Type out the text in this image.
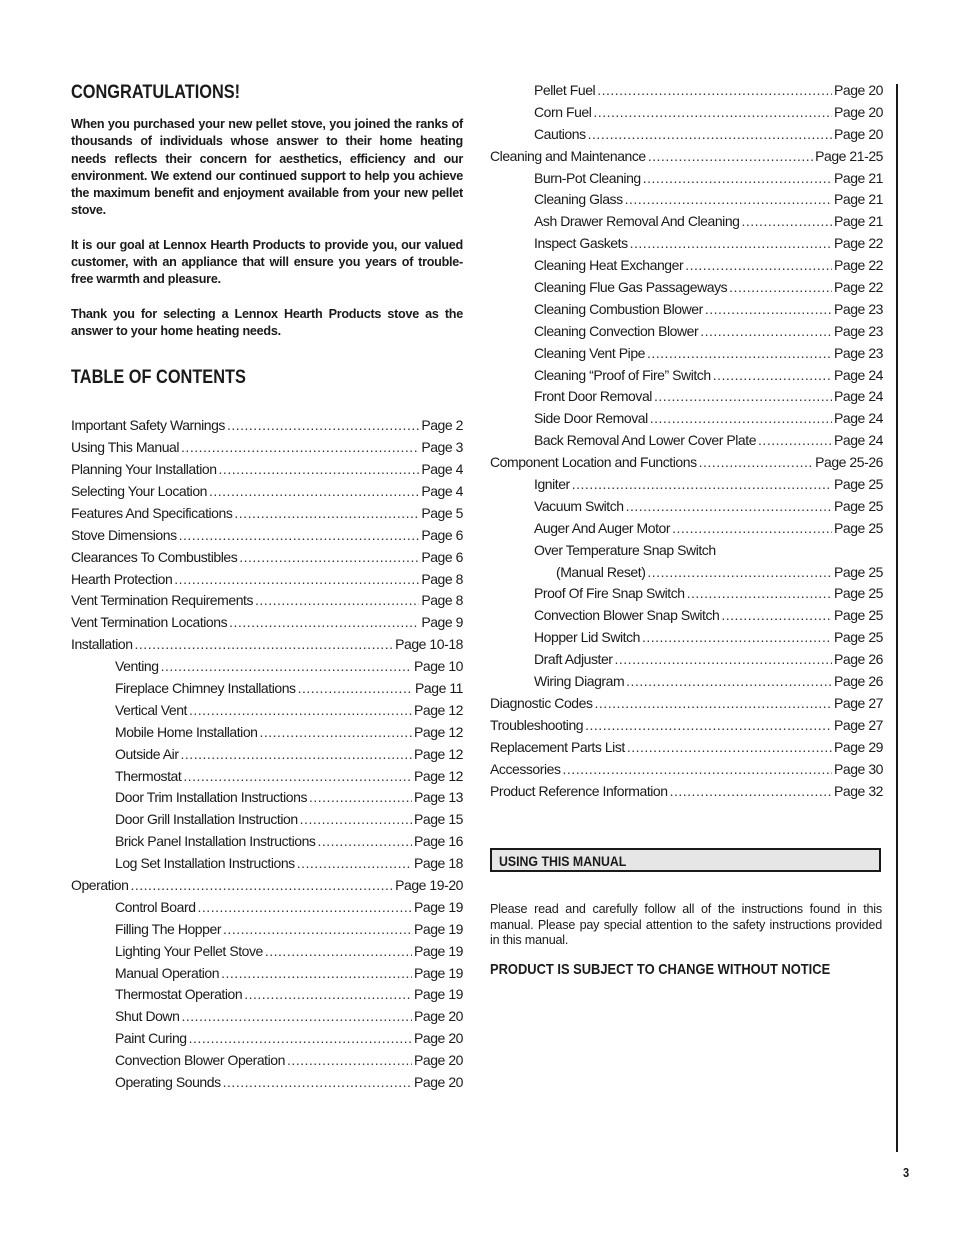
CONGRATULATIONS!

When you purchased your new pellet stove, you joined the ranks of thousands of individuals whose answer to their home heating needs reflects their concern for aesthetics, efficiency and our environment. We extend our continued support to help you achieve the maximum benefit and enjoyment available from your new pellet stove.

It is our goal at Lennox Hearth Products to provide you, our valued customer, with an appliance that will ensure you years of trouble-free warmth and pleasure.

Thank you for selecting a Lennox Hearth Products stove as the answer to your home heating needs.

TABLE OF CONTENTS
Important Safety Warnings .....	Page 2
Using This Manual .....	Page 3
Planning Your Installation .....	Page 4
Selecting Your Location .....	Page 4
Features And Specifications .....	Page 5
Stove Dimensions .....	Page 6
Clearances To Combustibles .....	Page 6
Hearth Protection .....	Page 8
Vent Termination Requirements .....	Page 8
Vent Termination Locations .....	Page 9
Installation .....	Page 10-18
Venting .....	Page 10
Fireplace Chimney Installations .....	Page 11
Vertical Vent .....	Page 12
Mobile Home Installation .....	Page 12
Outside Air .....	Page 12
Thermostat .....	Page 12
Door Trim Installation Instructions .....	Page 13
Door Grill Installation Instruction .....	Page 15
Brick Panel Installation Instructions .....	Page 16
Log Set Installation Instructions .....	Page 18
Operation .....	Page 19-20
Control Board .....	Page 19
Filling The Hopper .....	Page 19
Lighting Your Pellet Stove .....	Page 19
Manual Operation .....	Page 19
Thermostat Operation .....	Page 19
Shut Down .....	Page 20
Paint Curing .....	Page 20
Convection Blower Operation .....	Page 20
Operating Sounds .....	Page 20
Pellet Fuel .....	Page 20
Corn Fuel .....	Page 20
Cautions .....	Page 20
Cleaning and Maintenance .....	Page 21-25
Burn-Pot Cleaning .....	Page 21
Cleaning Glass .....	Page 21
Ash Drawer Removal And Cleaning .....	Page 21
Inspect Gaskets .....	Page 22
Cleaning Heat Exchanger .....	Page 22
Cleaning Flue Gas Passageways .....	Page 22
Cleaning Combustion Blower .....	Page 23
Cleaning Convection Blower .....	Page 23
Cleaning Vent Pipe .....	Page 23
Cleaning “Proof of Fire” Switch .....	Page 24
Front Door Removal .....	Page 24
Side Door Removal .....	Page 24
Back Removal And Lower Cover Plate .....	Page 24
Component Location and Functions .....	Page 25-26
Igniter .....	Page 25
Vacuum Switch .....	Page 25
Auger And Auger Motor .....	Page 25
Over Temperature Snap Switch
(Manual Reset) .....	Page 25
Proof Of Fire Snap Switch .....	Page 25
Convection Blower Snap Switch .....	Page 25
Hopper Lid Switch .....	Page 25
Draft Adjuster .....	Page 26
Wiring Diagram .....	Page 26
Diagnostic Codes .....	Page 27
Troubleshooting .....	Page 27
Replacement Parts List .....	Page 29
Accessories .....	Page 30
Product Reference Information .....	Page 32
USING THIS MANUAL

Please read and carefully follow all of the instructions found in this manual. Please pay special attention to the safety instructions provided in this manual.

PRODUCT IS SUBJECT TO CHANGE WITHOUT NOTICE
3
